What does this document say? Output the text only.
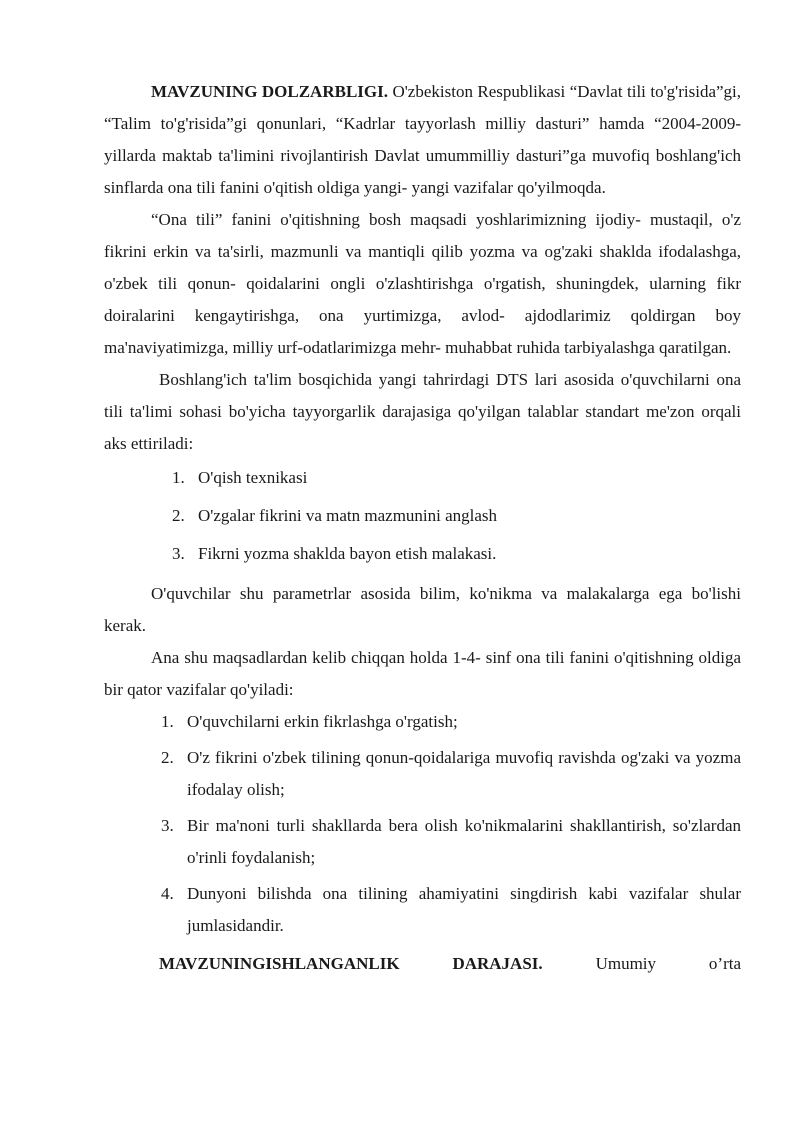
MAVZUNING DOLZARBLIGI. O'zbekiston Respublikasi “Davlat tili to'g'risida”gi, “Talim to'g'risida”gi qonunlari, “Kadrlar tayyorlash milliy dasturi” hamda “2004-2009-yillarda maktab ta'limini rivojlantirish Davlat umummilliy dasturi”ga muvofiq boshlang'ich sinflarda ona tili fanini o'qitish oldiga yangi- yangi vazifalar qo'yilmoqda.

“Ona tili” fanini o'qitishning bosh maqsadi yoshlarimizning ijodiy- mustaqil, o'z fikrini erkin va ta'sirli, mazmunli va mantiqli qilib yozma va og'zaki shaklda ifodalashga, o'zbek tili qonun- qoidalarini ongli o'zlashtirishga o'rgatish, shuningdek, ularning fikr doiralarini kengaytirishga, ona yurtimizga, avlod- ajdodlarimiz qoldirgan boy ma'naviyatimizga, milliy urf-odatlarimizga mehr- muhabbat ruhida tarbiyalashga qaratilgan.

Boshlang'ich ta'lim bosqichida yangi tahrirdagi DTS lari asosida o'quvchilarni ona tili ta'limi sohasi bo'yicha tayyorgarlik darajasiga qo'yilgan talablar standart me'zon orqali aks ettiriladi:

1. O'qish texnikasi
2. O'zgalar fikrini va matn mazmunini anglash
3. Fikrni yozma shaklda bayon etish malakasi.

O'quvchilar shu parametrlar asosida bilim, ko'nikma va malakalarga ega bo'lishi kerak.

Ana shu maqsadlardan kelib chiqqan holda 1-4- sinf ona tili fanini o'qitishning oldiga bir qator vazifalar qo'yiladi:

1. O'quvchilarni erkin fikrlashga o'rgatish;
2. O'z fikrini o'zbek tilining qonun-qoidalariga muvofiq ravishda og'zaki va yozma ifodalay olish;
3. Bir ma'noni turli shakllarda bera olish ko'nikmalarini shakllantirish, so'zlardan o'rinli foydalanish;
4. Dunyoni bilishda ona tilining ahamiyatini singdirish kabi vazifalar shular jumlasidandir.

MAVZUNINGISHLANGANLIK DARAJASI. Umumiy o’rta
